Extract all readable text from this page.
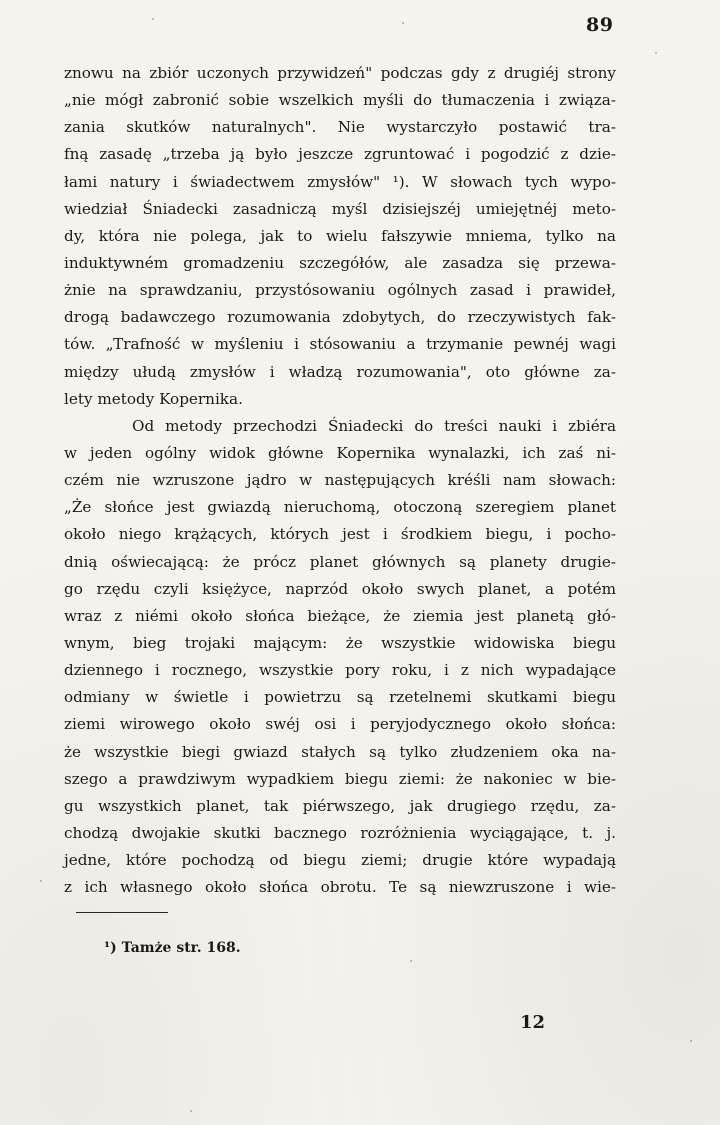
89
znowu na zbiór uczonych przywidzeń" podczas gdy z drugiéj strony
„nie mógł zabronić sobie wszelkich myśli do tłumaczenia i związa-
zania skutków naturalnych". Nie wystarczyło postawić tra-
fną zasadę „trzeba ją było jeszcze zgruntować i pogodzić z dzie-
łami natury i świadectwem zmysłów" ¹). W słowach tych wypo-
wiedział Śniadecki zasadniczą myśl dzisiejszéj umiejętnéj meto-
dy, która nie polega, jak to wielu fałszywie mniema, tylko na
induktywném gromadzeniu szczegółów, ale zasadza się przewa-
żnie na sprawdzaniu, przystósowaniu ogólnych zasad i prawideł,
drogą badawczego rozumowania zdobytych, do rzeczywistych fak-
tów. „Trafność w myśleniu i stósowaniu a trzymanie pewnéj wagi
między ułudą zmysłów i władzą rozumowania", oto główne za-
lety metody Kopernika.
Od metody przechodzi Śniadecki do treści nauki i zbiéra
w jeden ogólny widok główne Kopernika wynalazki, ich zaś ni-
czém nie wzruszone jądro w następujących kréśli nam słowach:
„Że słońce jest gwiazdą nieruchomą, otoczoną szeregiem planet
około niego krążących, których jest i środkiem biegu, i pocho-
dnią oświecającą: że prócz planet głównych są planety drugie-
go rzędu czyli księżyce, naprzód około swych planet, a potém
wraz z niémi około słońca bieżące, że ziemia jest planetą głó-
wnym, bieg trojaki mającym: że wszystkie widowiska biegu
dziennego i rocznego, wszystkie pory roku, i z nich wypadające
odmiany w świetle i powietrzu są rzetelnemi skutkami biegu
ziemi wirowego około swéj osi i peryjodycznego około słońca:
że wszystkie biegi gwiazd stałych są tylko złudzeniem oka na-
szego a prawdziwym wypadkiem biegu ziemi: że nakoniec w bie-
gu wszystkich planet, tak piérwszego, jak drugiego rzędu, za-
chodzą dwojakie skutki bacznego rozróżnienia wyciągające, t. j.
jedne, które pochodzą od biegu ziemi; drugie które wypadają
z ich własnego około słońca obrotu. Te są niewzruszone i wie-
¹) Tamże str. 168.
12
